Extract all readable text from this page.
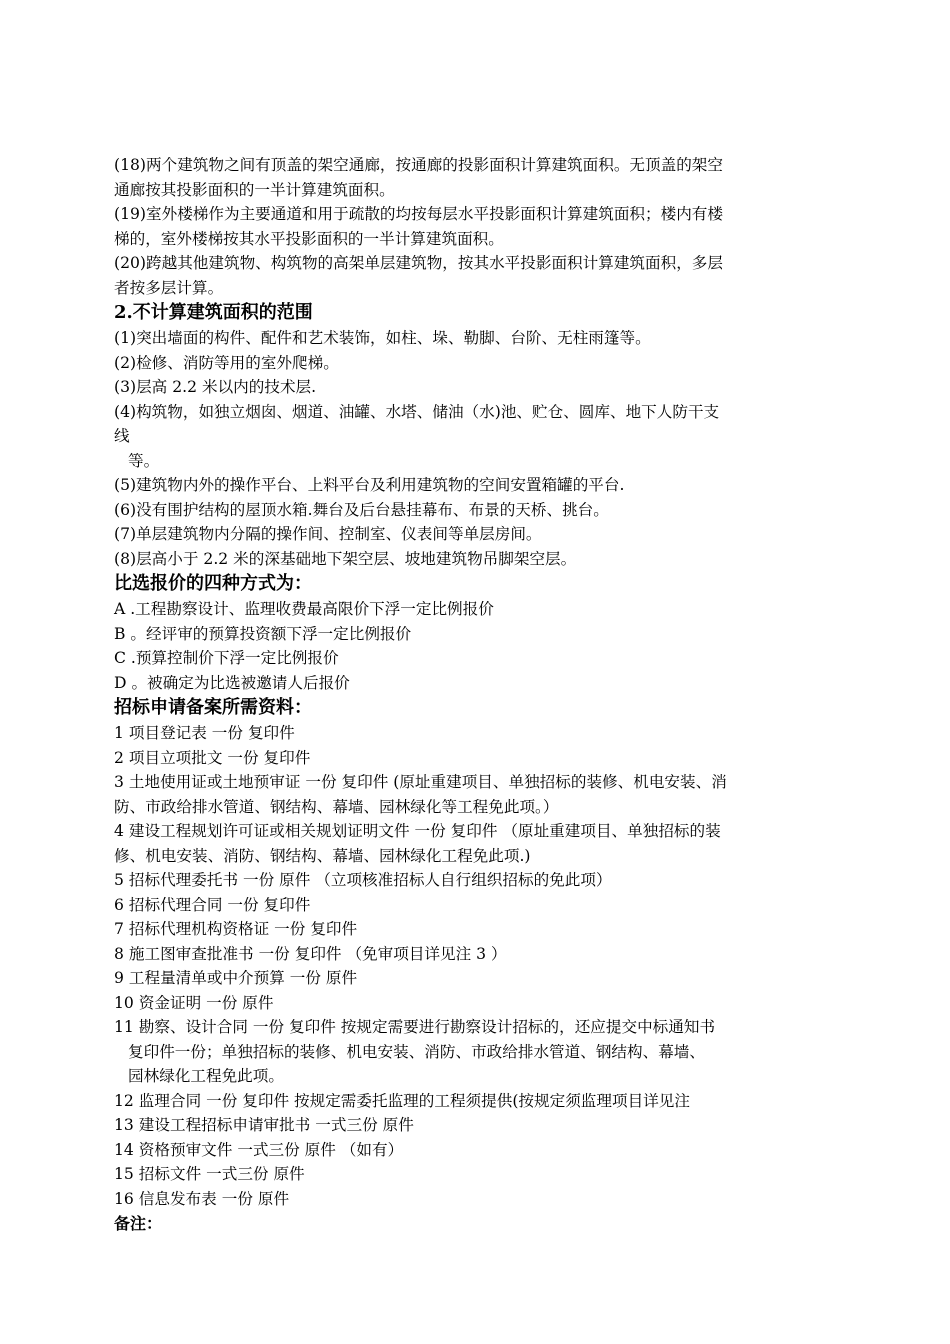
(18)两个建筑物之间有顶盖的架空通廊，按通廊的投影面积计算建筑面积。无顶盖的架空
通廊按其投影面积的一半计算建筑面积。
(19)室外楼梯作为主要通道和用于疏散的均按每层水平投影面积计算建筑面积；楼内有楼
梯的，室外楼梯按其水平投影面积的一半计算建筑面积。
(20)跨越其他建筑物、构筑物的高架单层建筑物，按其水平投影面积计算建筑面积，多层
者按多层计算。
2.不计算建筑面积的范围
(1)突出墙面的构件、配件和艺术装饰，如柱、垛、勒脚、台阶、无柱雨篷等。
(2)检修、消防等用的室外爬梯。
(3)层高 2.2 米以内的技术层.
(4)构筑物，如独立烟囱、烟道、油罐、水塔、储油（水)池、贮仓、圆库、地下人防干支
线
等。
(5)建筑物内外的操作平台、上料平台及利用建筑物的空间安置箱罐的平台.
(6)没有围护结构的屋顶水箱.舞台及后台悬挂幕布、布景的天桥、挑台。
(7)单层建筑物内分隔的操作间、控制室、仪表间等单层房间。
(8)层高小于 2.2 米的深基础地下架空层、坡地建筑物吊脚架空层。
比选报价的四种方式为：
A .工程勘察设计、监理收费最高限价下浮一定比例报价
B 。经评审的预算投资额下浮一定比例报价
C .预算控制价下浮一定比例报价
D 。被确定为比选被邀请人后报价
招标申请备案所需资料：
1 项目登记表 一份 复印件
2 项目立项批文 一份 复印件
3 土地使用证或土地预审证 一份 复印件 (原址重建项目、单独招标的装修、机电安装、消
防、市政给排水管道、钢结构、幕墙、园林绿化等工程免此项。）
4 建设工程规划许可证或相关规划证明文件 一份 复印件 （原址重建项目、单独招标的装
修、机电安装、消防、钢结构、幕墙、园林绿化工程免此项.)
5 招标代理委托书 一份 原件 （立项核准招标人自行组织招标的免此项）
6 招标代理合同 一份 复印件
7 招标代理机构资格证 一份 复印件
8 施工图审查批准书 一份 复印件 （免审项目详见注 3 ）
9 工程量清单或中介预算 一份 原件
10 资金证明 一份 原件
11 勘察、设计合同 一份 复印件 按规定需要进行勘察设计招标的，还应提交中标通知书
复印件一份；单独招标的装修、机电安装、消防、市政给排水管道、钢结构、幕墙、
园林绿化工程免此项。
12 监理合同 一份 复印件 按规定需委托监理的工程须提供(按规定须监理项目详见注
13 建设工程招标申请审批书 一式三份 原件
14 资格预审文件 一式三份 原件 （如有）
15 招标文件 一式三份 原件
16 信息发布表 一份 原件
备注：
